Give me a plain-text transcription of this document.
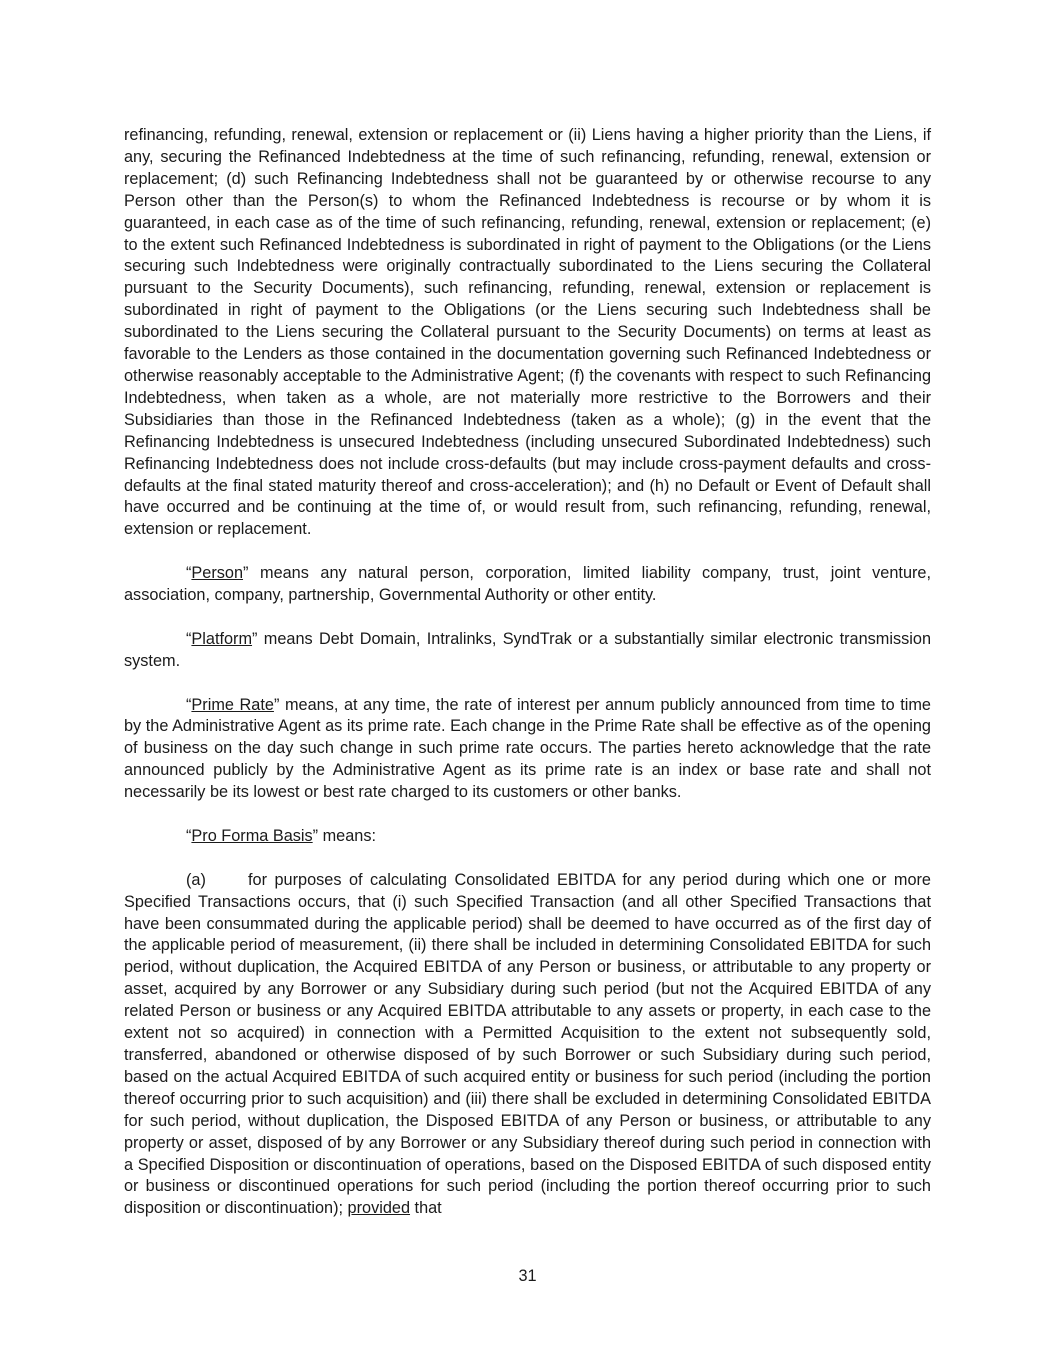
refinancing, refunding, renewal, extension or replacement or (ii) Liens having a higher priority than the Liens, if any, securing the Refinanced Indebtedness at the time of such refinancing, refunding, renewal, extension or replacement; (d) such Refinancing Indebtedness shall not be guaranteed by or otherwise recourse to any Person other than the Person(s) to whom the Refinanced Indebtedness is recourse or by whom it is guaranteed, in each case as of the time of such refinancing, refunding, renewal, extension or replacement; (e) to the extent such Refinanced Indebtedness is subordinated in right of payment to the Obligations (or the Liens securing such Indebtedness were originally contractually subordinated to the Liens securing the Collateral pursuant to the Security Documents), such refinancing, refunding, renewal, extension or replacement is subordinated in right of payment to the Obligations (or the Liens securing such Indebtedness shall be subordinated to the Liens securing the Collateral pursuant to the Security Documents) on terms at least as favorable to the Lenders as those contained in the documentation governing such Refinanced Indebtedness or otherwise reasonably acceptable to the Administrative Agent; (f) the covenants with respect to such Refinancing Indebtedness, when taken as a whole, are not materially more restrictive to the Borrowers and their Subsidiaries than those in the Refinanced Indebtedness (taken as a whole); (g) in the event that the Refinancing Indebtedness is unsecured Indebtedness (including unsecured Subordinated Indebtedness) such Refinancing Indebtedness does not include cross-defaults (but may include cross-payment defaults and cross-defaults at the final stated maturity thereof and cross-acceleration); and (h) no Default or Event of Default shall have occurred and be continuing at the time of, or would result from, such refinancing, refunding, renewal, extension or replacement.

“Person” means any natural person, corporation, limited liability company, trust, joint venture, association, company, partnership, Governmental Authority or other entity.

“Platform” means Debt Domain, Intralinks, SyndTrak or a substantially similar electronic transmission system.

“Prime Rate” means, at any time, the rate of interest per annum publicly announced from time to time by the Administrative Agent as its prime rate. Each change in the Prime Rate shall be effective as of the opening of business on the day such change in such prime rate occurs. The parties hereto acknowledge that the rate announced publicly by the Administrative Agent as its prime rate is an index or base rate and shall not necessarily be its lowest or best rate charged to its customers or other banks.

“Pro Forma Basis” means:

(a)	for purposes of calculating Consolidated EBITDA for any period during which one or more Specified Transactions occurs, that (i) such Specified Transaction (and all other Specified Transactions that have been consummated during the applicable period) shall be deemed to have occurred as of the first day of the applicable period of measurement, (ii) there shall be included in determining Consolidated EBITDA for such period, without duplication, the Acquired EBITDA of any Person or business, or attributable to any property or asset, acquired by any Borrower or any Subsidiary during such period (but not the Acquired EBITDA of any related Person or business or any Acquired EBITDA attributable to any assets or property, in each case to the extent not so acquired) in connection with a Permitted Acquisition to the extent not subsequently sold, transferred, abandoned or otherwise disposed of by such Borrower or such Subsidiary during such period, based on the actual Acquired EBITDA of such acquired entity or business for such period (including the portion thereof occurring prior to such acquisition) and (iii) there shall be excluded in determining Consolidated EBITDA for such period, without duplication, the Disposed EBITDA of any Person or business, or attributable to any property or asset, disposed of by any Borrower or any Subsidiary thereof during such period in connection with a Specified Disposition or discontinuation of operations, based on the Disposed EBITDA of such disposed entity or business or discontinued operations for such period (including the portion thereof occurring prior to such disposition or discontinuation); provided that

31
